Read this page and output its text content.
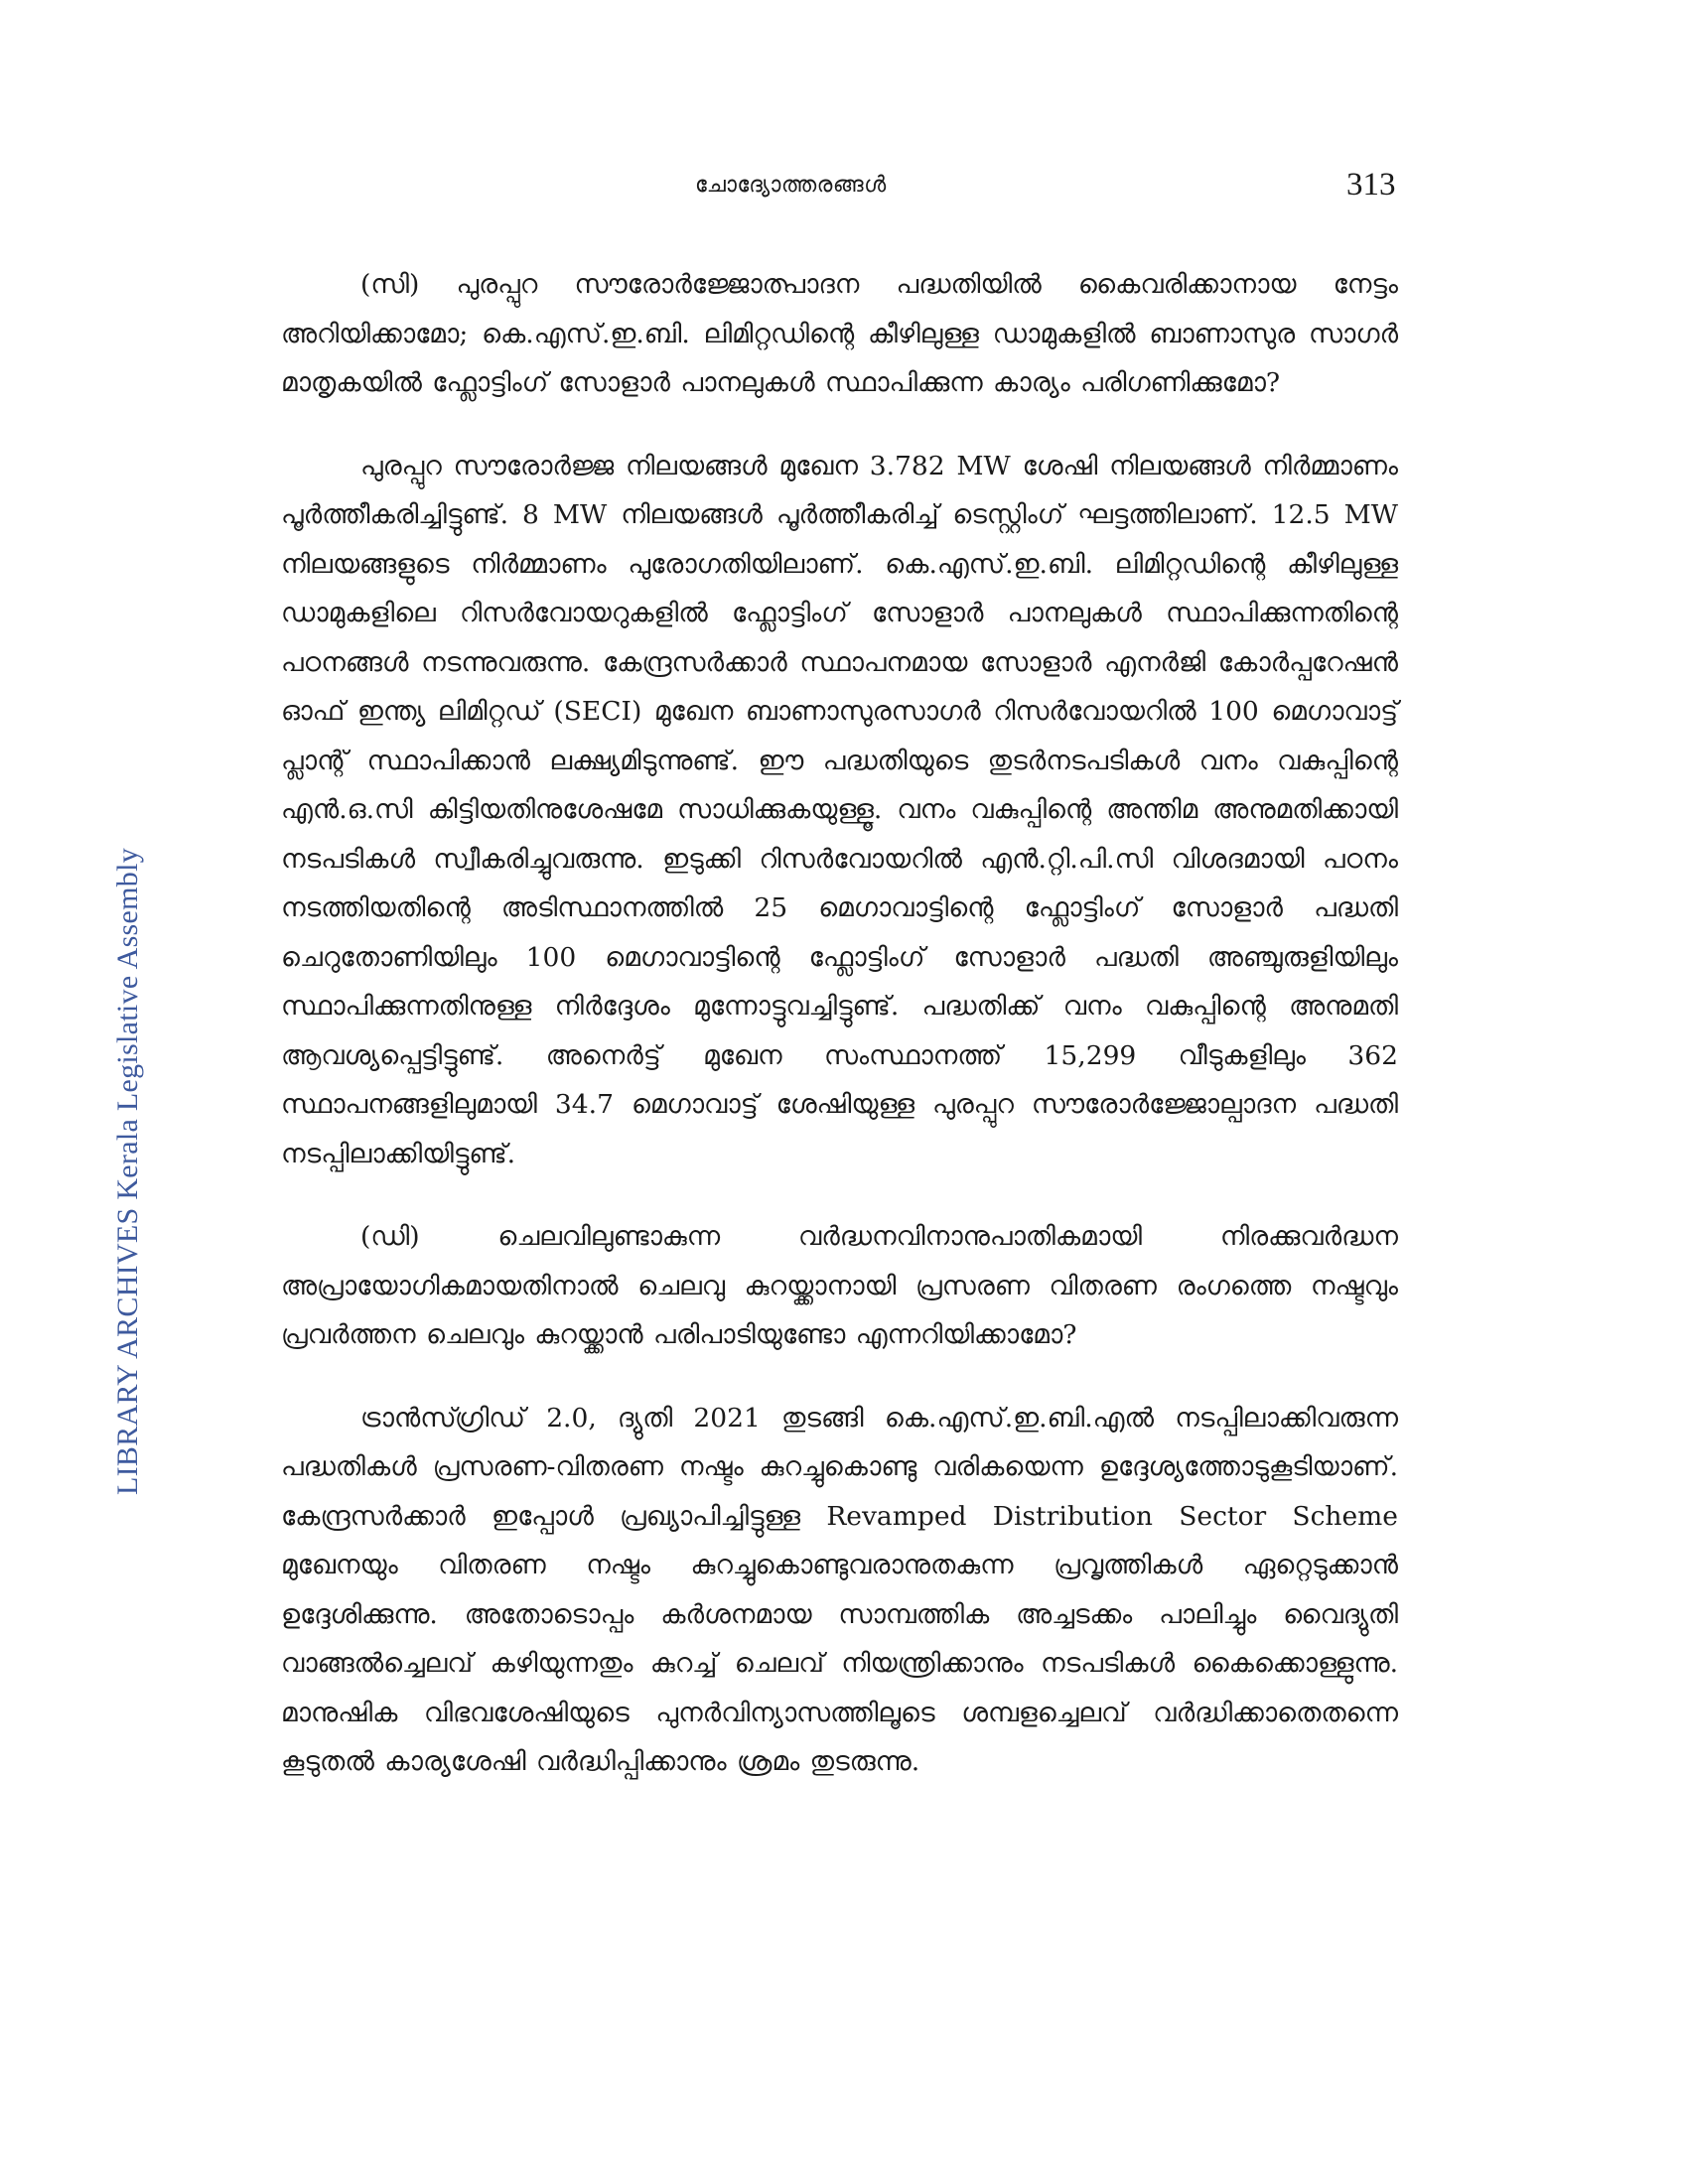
ചോദ്യോത്തരങ്ങൾ	313
LIBRARY ARCHIVES Kerala Legislative Assembly

(സി) പുരപ്പുറ സൗരോർജ്ജോത്പാദന പദ്ധതിയിൽ കൈവരിക്കാനായ നേട്ടം അറിയിക്കാമോ; കെ.എസ്.ഇ.ബി. ലിമിറ്റഡിന്റെ കീഴിലുള്ള ഡാമുകളിൽ ബാണാസുര സാഗർ മാതൃകയിൽ ഫ്ലോട്ടിംഗ് സോളാർ പാനലുകൾ സ്ഥാപിക്കുന്ന കാര്യം പരിഗണിക്കുമോ?

പുരപ്പുറ സൗരോർജ്ജ നിലയങ്ങൾ മുഖേന 3.782 MW ശേഷി നിലയങ്ങൾ നിർമ്മാണം പൂർത്തീകരിച്ചിട്ടുണ്ട്. 8 MW നിലയങ്ങൾ പൂർത്തീകരിച്ച് ടെസ്റ്റിംഗ് ഘട്ടത്തിലാണ്. 12.5 MW നിലയങ്ങളുടെ നിർമ്മാണം പുരോഗതിയിലാണ്. കെ.എസ്.ഇ.ബി. ലിമിറ്റഡിന്റെ കീഴിലുള്ള ഡാമുകളിലെ റിസർവോയറുകളിൽ ഫ്ലോട്ടിംഗ് സോളാർ പാനലുകൾ സ്ഥാപിക്കുന്നതിന്റെ പഠനങ്ങൾ നടന്നുവരുന്നു. കേന്ദ്രസർക്കാർ സ്ഥാപനമായ സോളാർ എനർജി കോർപ്പറേഷൻ ഓഫ് ഇന്ത്യ ലിമിറ്റഡ് (SECI) മുഖേന ബാണാസുരസാഗർ റിസർവോയറിൽ 100 മെഗാവാട്ട് പ്ലാന്റ് സ്ഥാപിക്കാൻ ലക്ഷ്യമിടുന്നുണ്ട്. ഈ പദ്ധതിയുടെ തുടർനടപടികൾ വനം വകുപ്പിന്റെ എൻ.ഒ.സി കിട്ടിയതിനുശേഷമേ സാധിക്കുകയുള്ളൂ. വനം വകുപ്പിന്റെ അന്തിമ അനുമതിക്കായി നടപടികൾ സ്വീകരിച്ചുവരുന്നു. ഇടുക്കി റിസർവോയറിൽ എൻ.റ്റി.പി.സി വിശദമായി പഠനം നടത്തിയതിന്റെ അടിസ്ഥാനത്തിൽ 25 മെഗാവാട്ടിന്റെ ഫ്ലോട്ടിംഗ് സോളാർ പദ്ധതി ചെറുതോണിയിലും 100 മെഗാവാട്ടിന്റെ ഫ്ലോട്ടിംഗ് സോളാർ പദ്ധതി അഞ്ചുരുളിയിലും സ്ഥാപിക്കുന്നതിനുള്ള നിർദ്ദേശം മുന്നോട്ടുവച്ചിട്ടുണ്ട്. പദ്ധതിക്ക് വനം വകുപ്പിന്റെ അനുമതി ആവശ്യപ്പെട്ടിട്ടുണ്ട്. അനെർട്ട് മുഖേന സംസ്ഥാനത്ത് 15,299 വീടുകളിലും 362 സ്ഥാപനങ്ങളിലുമായി 34.7 മെഗാവാട്ട് ശേഷിയുള്ള പുരപ്പുറ സൗരോർജ്ജോല്പാദന പദ്ധതി നടപ്പിലാക്കിയിട്ടുണ്ട്.

(ഡി) ചെലവിലുണ്ടാകുന്ന വർദ്ധനവിനാനുപാതികമായി നിരക്കുവർദ്ധന അപ്രായോഗികമായതിനാൽ ചെലവു കുറയ്ക്കാനായി പ്രസരണ വിതരണ രംഗത്തെ നഷ്ടവും പ്രവർത്തന ചെലവും കുറയ്ക്കാൻ പരിപാടിയുണ്ടോ എന്നറിയിക്കാമോ?

ട്രാൻസ്ഗ്രിഡ് 2.0, ദ്യുതി 2021 തുടങ്ങി കെ.എസ്.ഇ.ബി.എൽ നടപ്പിലാക്കിവരുന്ന പദ്ധതികൾ പ്രസരണ-വിതരണ നഷ്ടം കുറച്ചുകൊണ്ടു വരികയെന്ന ഉദ്ദേശ്യത്തോടുകൂടിയാണ്. കേന്ദ്രസർക്കാർ ഇപ്പോൾ പ്രഖ്യാപിച്ചിട്ടുള്ള Revamped Distribution Sector Scheme മുഖേനയും വിതരണ നഷ്ടം കുറച്ചുകൊണ്ടുവരാനുതകുന്ന പ്രവൃത്തികൾ ഏറ്റെടുക്കാൻ ഉദ്ദേശിക്കുന്നു. അതോടൊപ്പം കർശനമായ സാമ്പത്തിക അച്ചടക്കം പാലിച്ചും വൈദ്യുതി വാങ്ങൽച്ചെലവ് കഴിയുന്നതും കുറച്ച് ചെലവ് നിയന്ത്രിക്കാനും നടപടികൾ കൈക്കൊള്ളുന്നു. മാനുഷിക വിഭവശേഷിയുടെ പുനർവിന്യാസത്തിലൂടെ ശമ്പളച്ചെലവ് വർദ്ധിക്കാതെതന്നെ കൂടുതൽ കാര്യശേഷി വർദ്ധിപ്പിക്കാനും ശ്രമം തുടരുന്നു.
